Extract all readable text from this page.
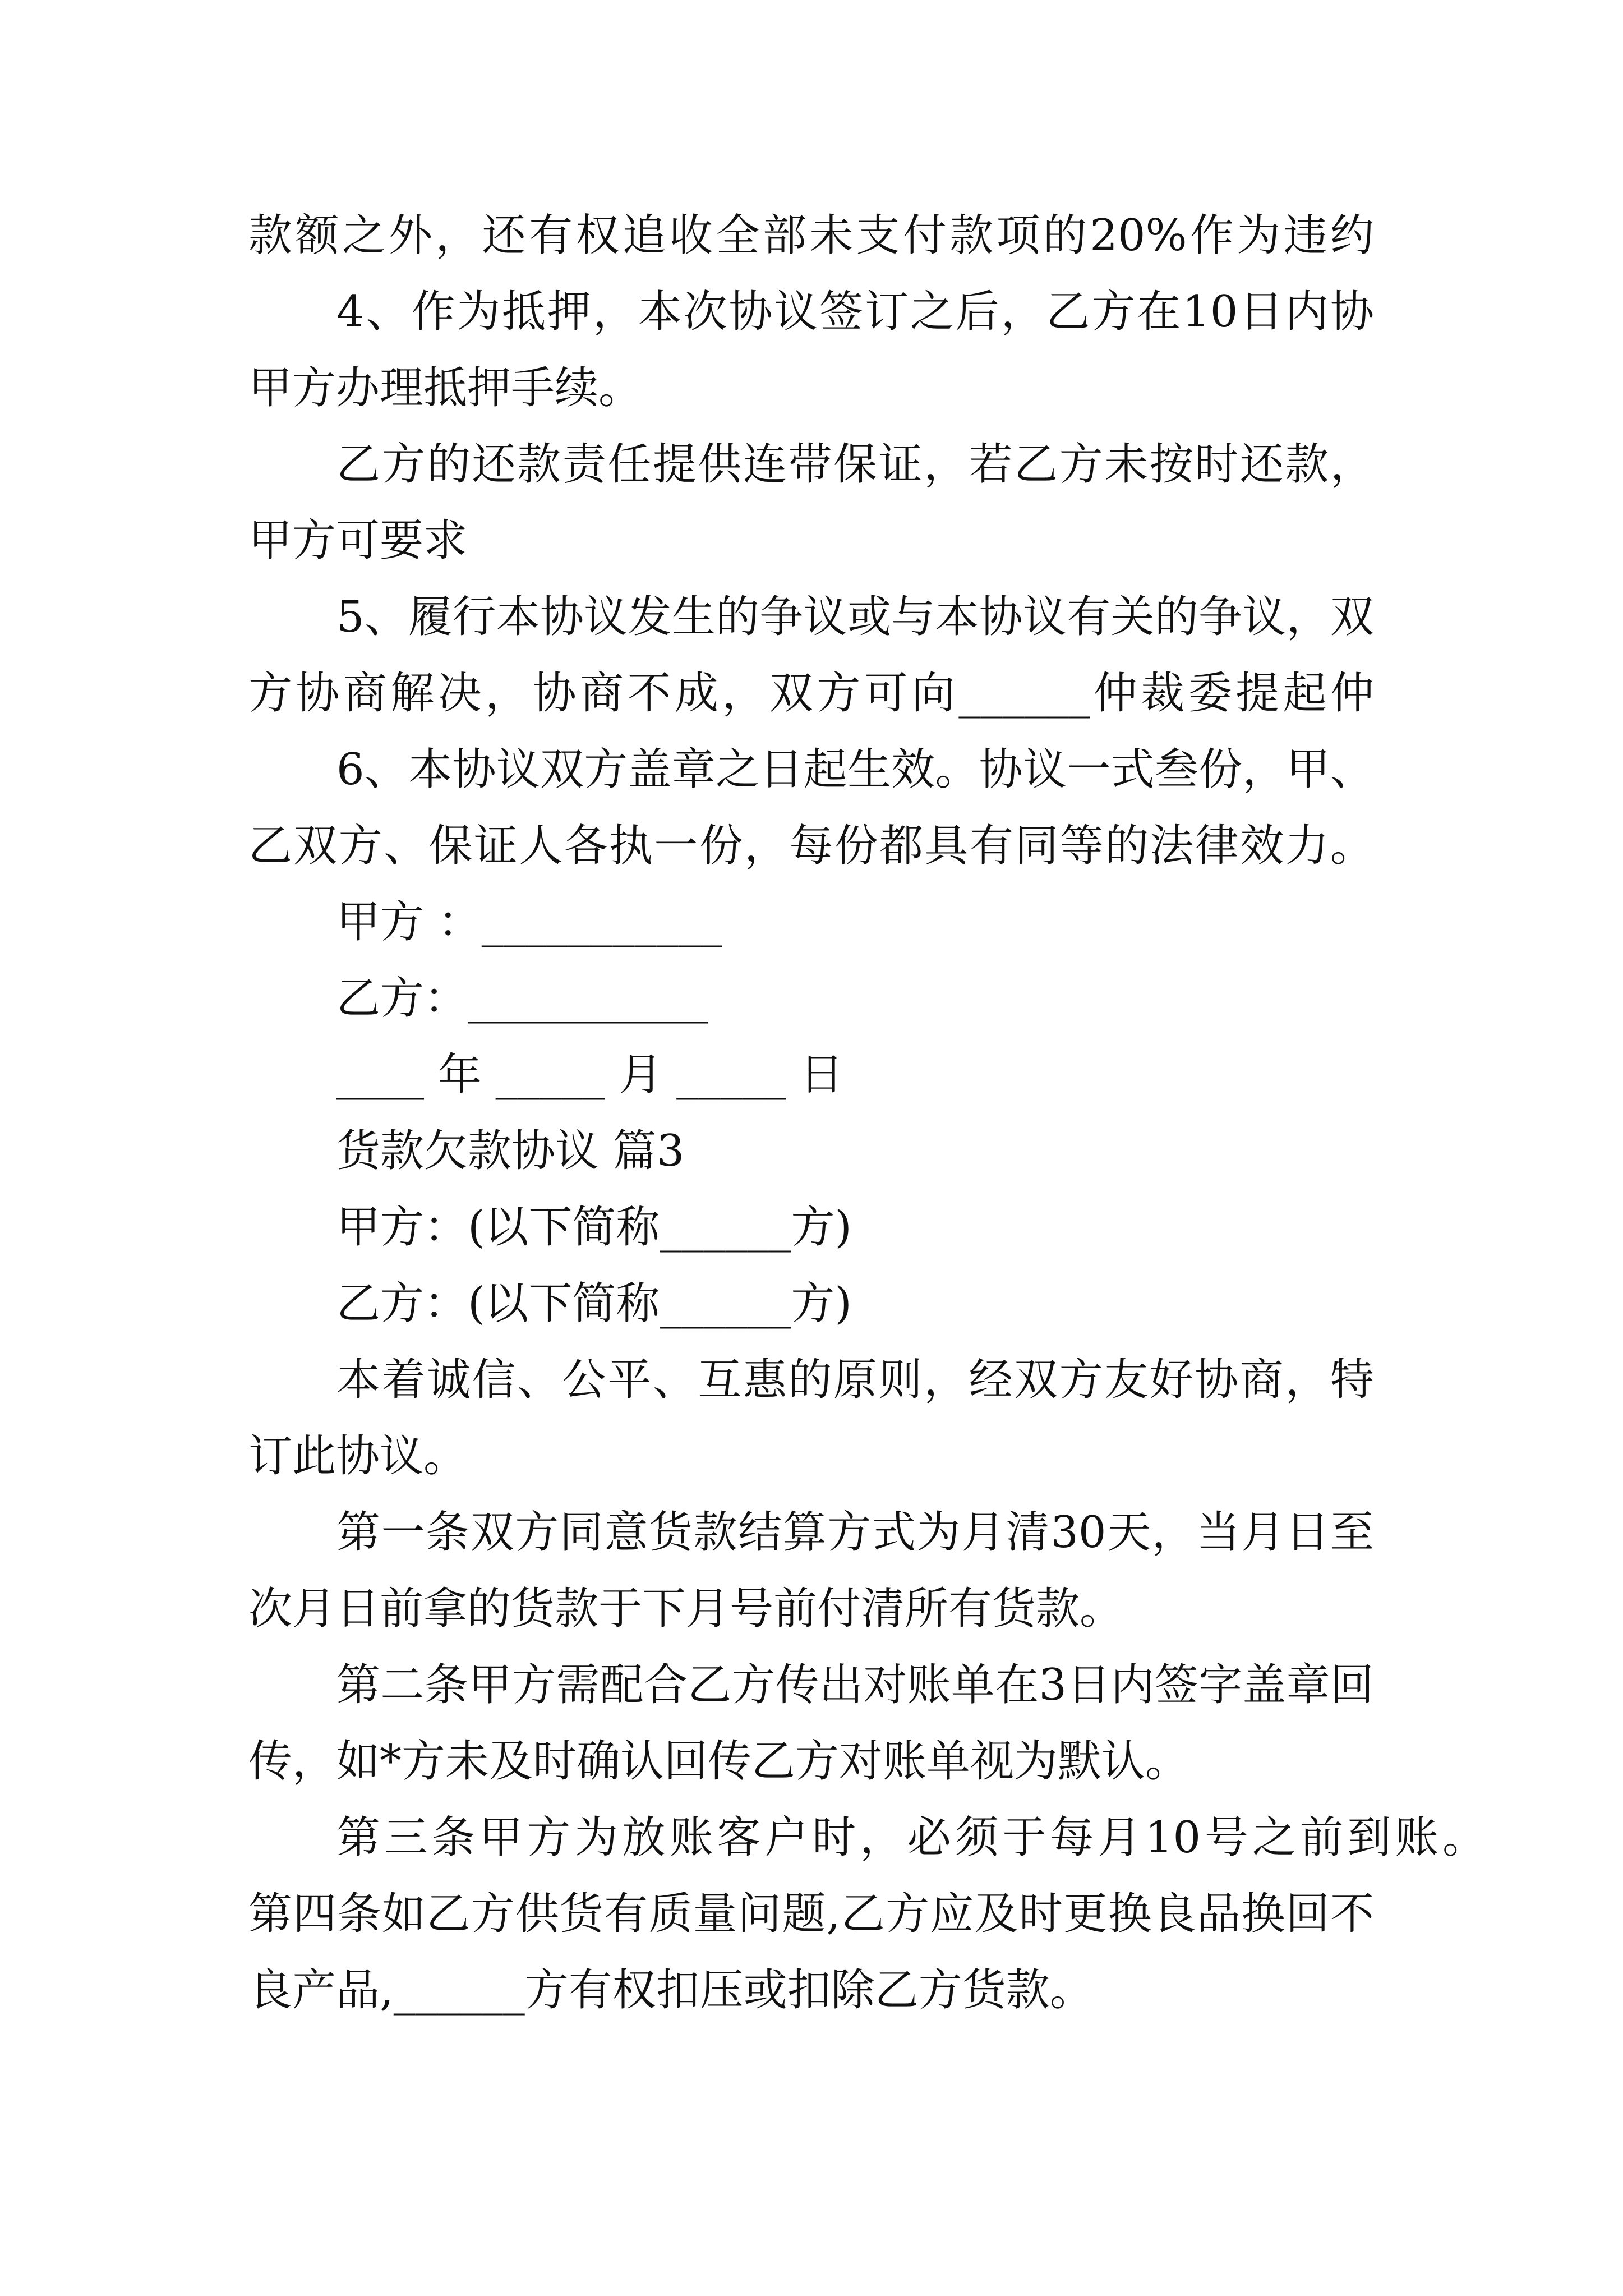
款额之外，还有权追收全部未支付款项的20%作为违约
4、作为抵押，本次协议签订之后，乙方在10日内协
甲方办理抵押手续。
乙方的还款责任提供连带保证，若乙方未按时还款，
甲方可要求
5、履行本协议发生的争议或与本协议有关的争议，双
方协商解决，协商不成，双方可向______仲裁委提起仲
6、本协议双方盖章之日起生效。协议一式叁份，甲、
乙双方、保证人各执一份，每份都具有同等的法律效力。
甲方 ：___________
乙方：___________
____ 年 _____ 月 _____ 日
货款欠款协议 篇3
甲方：(以下简称______方)
乙方：(以下简称______方)
本着诚信、公平、互惠的原则，经双方友好协商，特
订此协议。
第一条双方同意货款结算方式为月清30天，当月日至
次月日前拿的货款于下月号前付清所有货款。
第二条甲方需配合乙方传出对账单在3日内签字盖章回
传，如*方未及时确认回传乙方对账单视为默认。
第三条甲方为放账客户时，必须于每月10号之前到账。
第四条如乙方供货有质量问题,乙方应及时更换良品换回不
良产品,______方有权扣压或扣除乙方货款。
